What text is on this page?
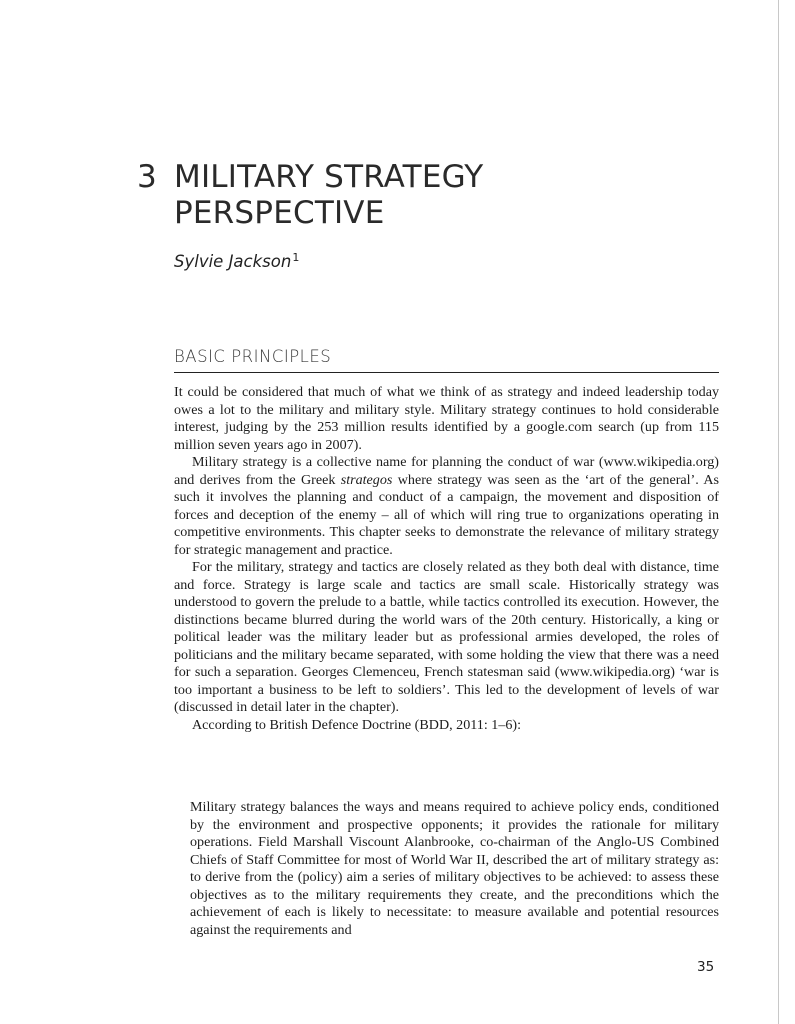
3 MILITARY STRATEGY PERSPECTIVE
Sylvie Jackson$^1$
BASIC PRINCIPLES

It could be considered that much of what we think of as strategy and indeed leadership today owes a lot to the military and military style. Military strategy continues to hold considerable interest, judging by the 253 million results identified by a google.com search (up from 115 million seven years ago in 2007).

Military strategy is a collective name for planning the conduct of war (www.wikipedia.org) and derives from the Greek strategos where strategy was seen as the ‘art of the general’. As such it involves the planning and conduct of a campaign, the movement and disposition of forces and deception of the enemy – all of which will ring true to organizations operating in competitive environments. This chapter seeks to demonstrate the relevance of military strategy for strategic management and practice.

For the military, strategy and tactics are closely related as they both deal with distance, time and force. Strategy is large scale and tactics are small scale. Historically strategy was understood to govern the prelude to a battle, while tactics controlled its execution. However, the distinctions became blurred during the world wars of the 20th century. Historically, a king or political leader was the military leader but as professional armies developed, the roles of politicians and the military became separated, with some holding the view that there was a need for such a separation. Georges Clemenceu, French statesman said (www.wikipedia.org) ‘war is too important a business to be left to soldiers’. This led to the development of levels of war (discussed in detail later in the chapter).

According to British Defence Doctrine (BDD, 2011: 1–6):

Military strategy balances the ways and means required to achieve policy ends, conditioned by the environment and prospective opponents; it provides the rationale for military operations. Field Marshall Viscount Alanbrooke, co-chairman of the Anglo-US Combined Chiefs of Staff Committee for most of World War II, described the art of military strategy as: to derive from the (policy) aim a series of military objectives to be achieved: to assess these objectives as to the military requirements they create, and the preconditions which the achievement of each is likely to necessitate: to measure available and potential resources against the requirements and

35
